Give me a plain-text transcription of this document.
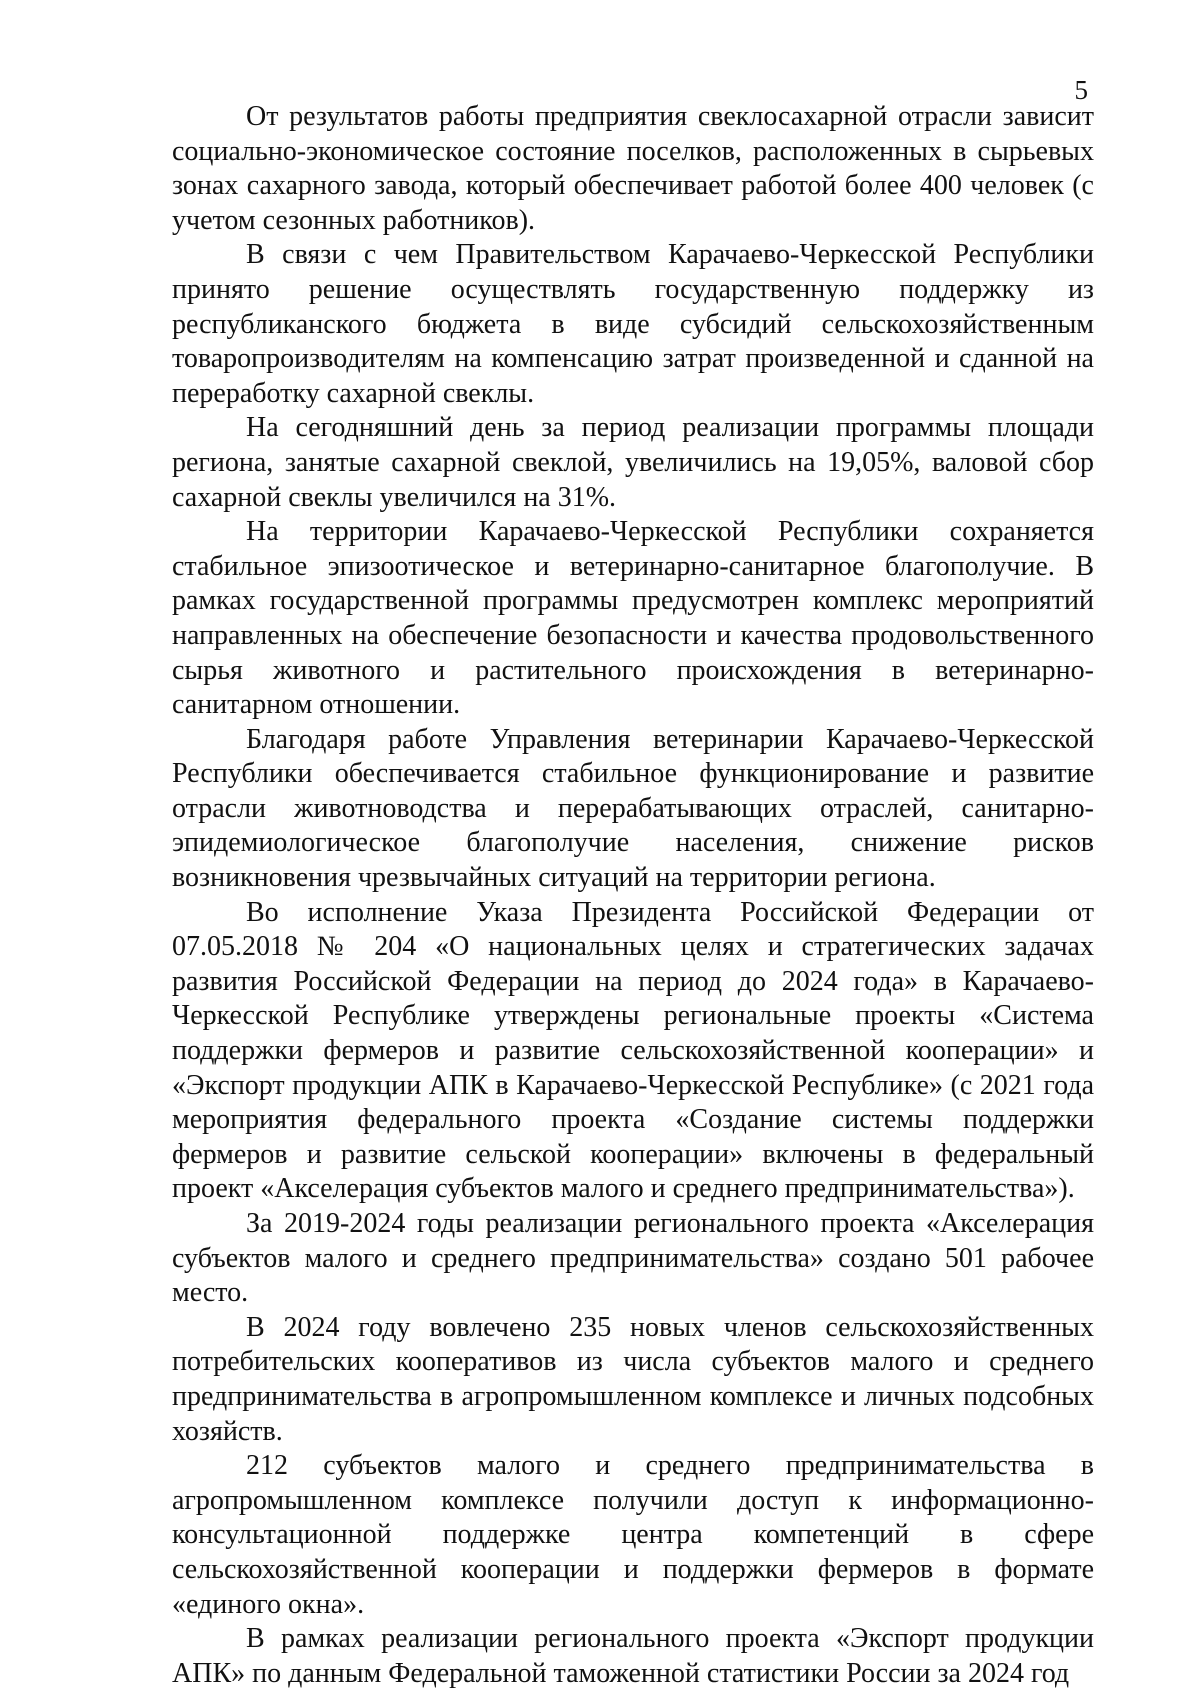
5

От результатов работы предприятия свеклосахарной отрасли зависит социально-экономическое состояние поселков, расположенных в сырьевых зонах сахарного завода, который обеспечивает работой более 400 человек (с учетом сезонных работников).

В связи с чем Правительством Карачаево-Черкесской Республики принято решение осуществлять государственную поддержку из республиканского бюджета в виде субсидий сельскохозяйственным товаропроизводителям на компенсацию затрат произведенной и сданной на переработку сахарной свеклы.

На сегодняшний день за период реализации программы площади региона, занятые сахарной свеклой, увеличились на 19,05%, валовой сбор сахарной свеклы увеличился на 31%.

На территории Карачаево-Черкесской Республики сохраняется стабильное эпизоотическое и ветеринарно-санитарное благополучие. В рамках государственной программы предусмотрен комплекс мероприятий направленных на обеспечение безопасности и качества продовольственного сырья животного и растительного происхождения в ветеринарно-санитарном отношении.

Благодаря работе Управления ветеринарии Карачаево-Черкесской Республики обеспечивается стабильное функционирование и развитие отрасли животноводства и перерабатывающих отраслей, санитарно-эпидемиологическое благополучие населения, снижение рисков возникновения чрезвычайных ситуаций на территории региона.

Во исполнение Указа Президента Российской Федерации от 07.05.2018 № 204 «О национальных целях и стратегических задачах развития Российской Федерации на период до 2024 года» в Карачаево-Черкесской Республике утверждены региональные проекты «Система поддержки фермеров и развитие сельскохозяйственной кооперации» и «Экспорт продукции АПК в Карачаево-Черкесской Республике» (с 2021 года мероприятия федерального проекта «Создание системы поддержки фермеров и развитие сельской кооперации» включены в федеральный проект «Акселерация субъектов малого и среднего предпринимательства»).

За 2019-2024 годы реализации регионального проекта «Акселерация субъектов малого и среднего предпринимательства» создано 501 рабочее место.

В 2024 году вовлечено 235 новых членов сельскохозяйственных потребительских кооперативов из числа субъектов малого и среднего предпринимательства в агропромышленном комплексе и личных подсобных хозяйств.

212 субъектов малого и среднего предпринимательства в агропромышленном комплексе получили доступ к информационно-консультационной поддержке центра компетенций в сфере сельскохозяйственной кооперации и поддержки фермеров в формате «единого окна».

В рамках реализации регионального проекта «Экспорт продукции АПК» по данным Федеральной таможенной статистики России за 2024 год
